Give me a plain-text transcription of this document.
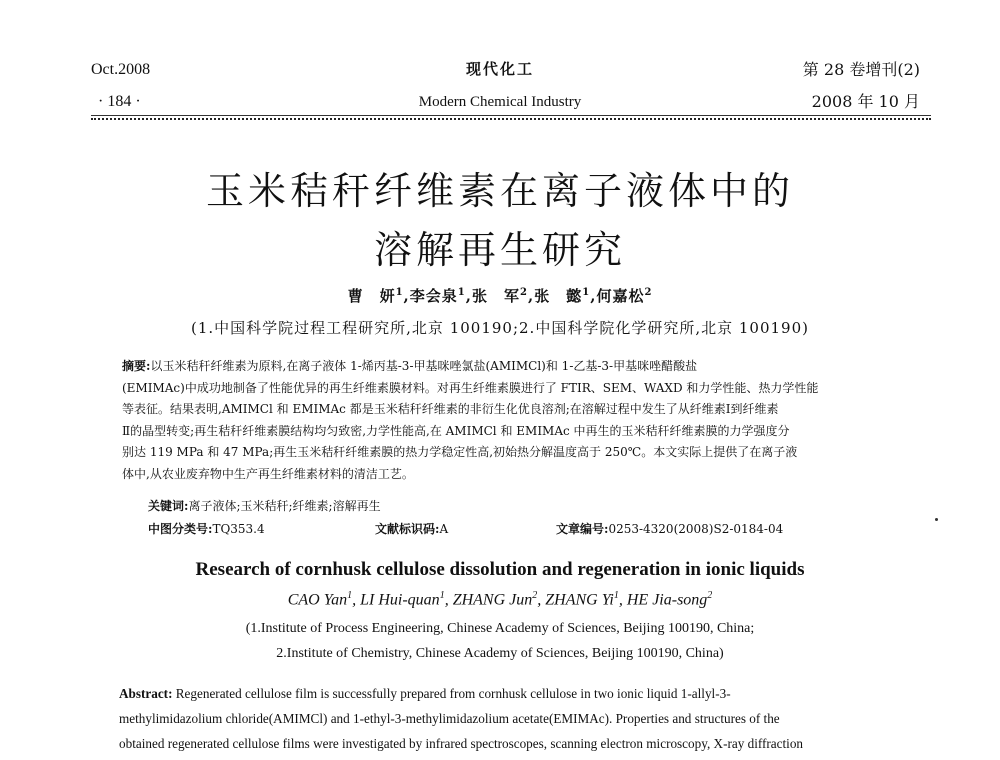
Oct.2008
· 184 ·
现代化工
Modern Chemical Industry
第 28 卷增刊(2)
2008 年 10 月
玉米秸秆纤维素在离子液体中的
溶解再生研究
曹　妍$^1$,李会泉$^1$,张　军$^2$,张　懿$^1$,何嘉松$^2$
(1.中国科学院过程工程研究所,北京 100190;2.中国科学院化学研究所,北京 100190)
摘要:以玉米秸秆纤维素为原料,在离子液体 1-烯丙基-3-甲基咪唑氯盐(AMIMCl)和 1-乙基-3-甲基咪唑醋酸盐
(EMIMAc)中成功地制备了性能优异的再生纤维素膜材料。对再生纤维素膜进行了 FTIR、SEM、WAXD 和力学性能、热力学性能
等表征。结果表明,AMIMCl 和 EMIMAc 都是玉米秸秆纤维素的非衍生化优良溶剂;在溶解过程中发生了从纤维素Ⅰ到纤维素
Ⅱ的晶型转变;再生秸秆纤维素膜结构均匀致密,力学性能高,在 AMIMCl 和 EMIMAc 中再生的玉米秸秆纤维素膜的力学强度分
别达 119 MPa 和 47 MPa;再生玉米秸秆纤维素膜的热力学稳定性高,初始热分解温度高于 250℃。本文实际上提供了在离子液
体中,从农业废弃物中生产再生纤维素材料的清洁工艺。
关键词:离子液体;玉米秸秆;纤维素;溶解再生
中图分类号:TQ353.4	文献标识码:A	文章编号:0253-4320(2008)S2-0184-04
Research of cornhusk cellulose dissolution and regeneration in ionic liquids
CAO Yan$^1$, LI Hui-quan$^1$, ZHANG Jun$^2$, ZHANG Yi$^1$, HE Jia-song$^2$
(1.Institute of Process Engineering, Chinese Academy of Sciences, Beijing 100190, China;
2.Institute of Chemistry, Chinese Academy of Sciences, Beijing 100190, China)
Abstract: Regenerated cellulose film is successfully prepared from cornhusk cellulose in two ionic liquid 1-allyl-3-
methylimidazolium chloride(AMIMCl) and 1-ethyl-3-methylimidazolium acetate(EMIMAc). Properties and structures of the
obtained regenerated cellulose films were investigated by infrared spectroscopes, scanning electron microscopy, X-ray diffraction
